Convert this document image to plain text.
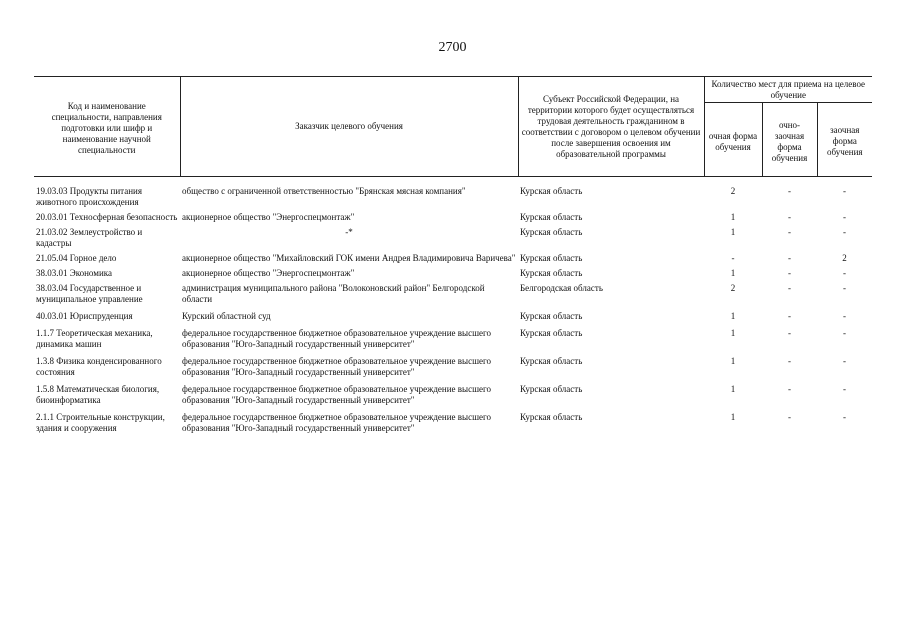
2700
Код и наименование специальности, направления подготовки или шифр и наименование научной специальности	Заказчик целевого обучения	Субъект Российской Федерации, на территории которого будет осуществляться трудовая деятельность гражданином в соответствии с договором о целевом обучении после завершения освоения им образовательной программы	Количество мест для приема на целевое обучение		
			очная форма обучения	очно-заочная форма обучения	заочная форма обучения

19.03.03 Продукты питания животного происхождения	общество с ограниченной ответственностью "Брянская мясная компания"	Курская область	2	-	-
20.03.01 Техносферная безопасность	акционерное общество "Энергоспецмонтаж"	Курская область	1	-	-
21.03.02 Землеустройство и кадастры	-*	Курская область	1	-	-
21.05.04 Горное дело	акционерное общество "Михайловский ГОК имени Андрея Владимировича Варичева"	Курская область	-	-	2
38.03.01 Экономика	акционерное общество "Энергоспецмонтаж"	Курская область	1	-	-
38.03.04 Государственное и муниципальное управление	администрация муниципального района "Волоконовский район" Белгородской области	Белгородская область	2	-	-
40.03.01 Юриспруденция	Курский областной суд	Курская область	1	-	-
1.1.7 Теоретическая механика, динамика машин	федеральное государственное бюджетное образовательное учреждение высшего образования "Юго-Западный государственный университет"	Курская область	1	-	-
1.3.8 Физика конденсированного состояния	федеральное государственное бюджетное образовательное учреждение высшего образования "Юго-Западный государственный университет"	Курская область	1	-	-
1.5.8 Математическая биология, биоинформатика	федеральное государственное бюджетное образовательное учреждение высшего образования "Юго-Западный государственный университет"	Курская область	1	-	-
2.1.1 Строительные конструкции, здания и сооружения	федеральное государственное бюджетное образовательное учреждение высшего образования "Юго-Западный государственный университет"	Курская область	1	-	-
